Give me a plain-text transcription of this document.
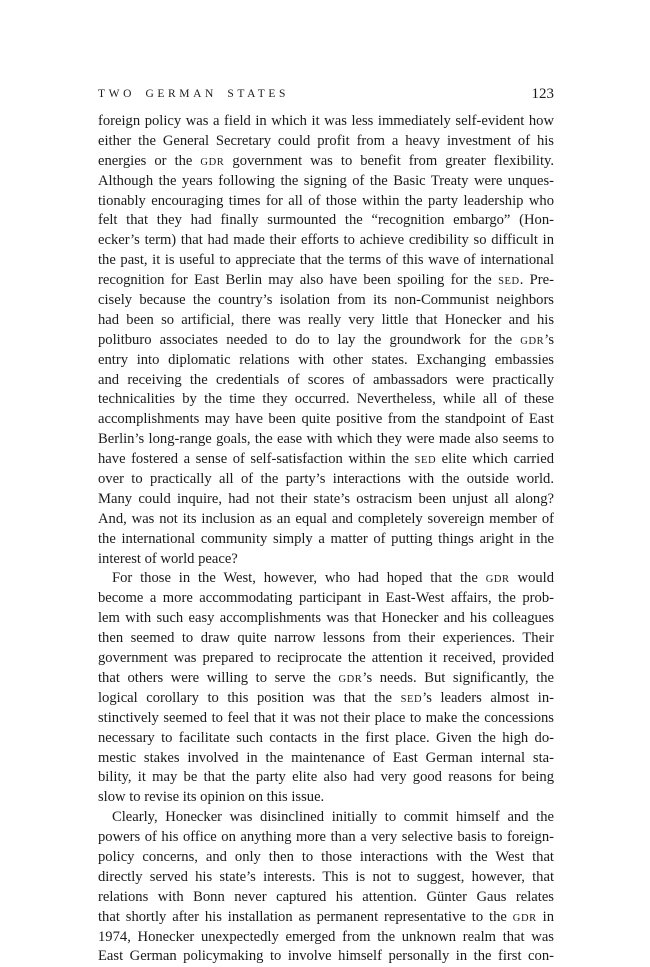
TWO GERMAN STATES	123
foreign policy was a field in which it was less immediately self-evident how
either the General Secretary could profit from a heavy investment of his
energies or the GDR government was to benefit from greater flexibility.
Although the years following the signing of the Basic Treaty were unques-
tionably encouraging times for all of those within the party leadership who
felt that they had finally surmounted the “recognition embargo” (Hon-
ecker’s term) that had made their efforts to achieve credibility so difficult in
the past, it is useful to appreciate that the terms of this wave of international
recognition for East Berlin may also have been spoiling for the SED. Pre-
cisely because the country’s isolation from its non-Communist neighbors
had been so artificial, there was really very little that Honecker and his
politburo associates needed to do to lay the groundwork for the GDR’s
entry into diplomatic relations with other states. Exchanging embassies
and receiving the credentials of scores of ambassadors were practically
technicalities by the time they occurred. Nevertheless, while all of these
accomplishments may have been quite positive from the standpoint of East
Berlin’s long-range goals, the ease with which they were made also seems to
have fostered a sense of self-satisfaction within the SED elite which carried
over to practically all of the party’s interactions with the outside world.
Many could inquire, had not their state’s ostracism been unjust all along?
And, was not its inclusion as an equal and completely sovereign member of
the international community simply a matter of putting things aright in the
interest of world peace?
For those in the West, however, who had hoped that the GDR would
become a more accommodating participant in East-West affairs, the prob-
lem with such easy accomplishments was that Honecker and his colleagues
then seemed to draw quite narrow lessons from their experiences. Their
government was prepared to reciprocate the attention it received, provided
that others were willing to serve the GDR’s needs. But significantly, the
logical corollary to this position was that the SED’s leaders almost in-
stinctively seemed to feel that it was not their place to make the concessions
necessary to facilitate such contacts in the first place. Given the high do-
mestic stakes involved in the maintenance of East German internal sta-
bility, it may be that the party elite also had very good reasons for being
slow to revise its opinion on this issue.
Clearly, Honecker was disinclined initially to commit himself and the
powers of his office on anything more than a very selective basis to foreign-
policy concerns, and only then to those interactions with the West that
directly served his state’s interests. This is not to suggest, however, that
relations with Bonn never captured his attention. Günter Gaus relates
that shortly after his installation as permanent representative to the GDR in
1974, Honecker unexpectedly emerged from the unknown realm that was
East German policymaking to involve himself personally in the first con-
